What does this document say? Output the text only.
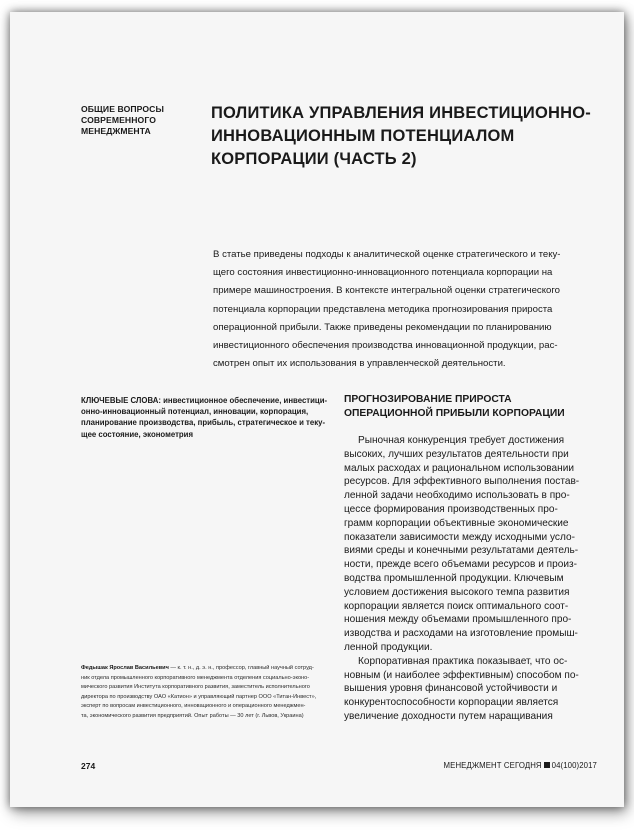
ОБЩИЕ ВОПРОСЫ
СОВРЕМЕННОГО
МЕНЕДЖМЕНТА
ПОЛИТИКА УПРАВЛЕНИЯ ИНВЕСТИЦИОННО-
ИННОВАЦИОННЫМ ПОТЕНЦИАЛОМ
КОРПОРАЦИИ (ЧАСТЬ 2)
В статье приведены подходы к аналитической оценке стратегического и теку-
щего состояния инвестиционно-инновационного потенциала корпорации на
примере машиностроения. В контексте интегральной оценки стратегического
потенциала корпорации представлена методика прогнозирования прироста
операционной прибыли. Также приведены рекомендации по планированию
инвестиционного обеспечения производства инновационной продукции, рас-
смотрен опыт их использования в управленческой деятельности.
КЛЮЧЕВЫЕ СЛОВА: инвестиционное обеспечение, инвестици-
онно-инновационный потенциал, инновации, корпорация,
планирование производства, прибыль, стратегическое и теку-
щее состояние, эконометрия
ПРОГНОЗИРОВАНИЕ ПРИРОСТА
ОПЕРАЦИОННОЙ ПРИБЫЛИ КОРПОРАЦИИ
Рыночная конкуренция требует достижения
высоких, лучших результатов деятельности при
малых расходах и рациональном использовании
ресурсов. Для эффективного выполнения постав-
ленной задачи необходимо использовать в про-
цессе формирования производственных про-
грамм корпорации объективные экономические
показатели зависимости между исходными усло-
виями среды и конечными результатами деятель-
ности, прежде всего объемами ресурсов и произ-
водства промышленной продукции. Ключевым
условием достижения высокого темпа развития
корпорации является поиск оптимального соот-
ношения между объемами промышленного про-
изводства и расходами на изготовление промыш-
ленной продукции.
Корпоративная практика показывает, что ос-
новным (и наиболее эффективным) способом по-
вышения уровня финансовой устойчивости и
конкурентоспособности корпорации является
увеличение доходности путем наращивания
Федышак Ярослав Васильевич — к. т. н., д. э. н., профессор, главный научный сотруд-
ник отдела промышленного корпоративного менеджмента отделения социально-эконо-
мического развития Института корпоративного развития, заместитель исполнительного
директора по производству ОАО «Катион» и управляющий партнер ООО «Титан-Инвест»,
эксперт по вопросам инвестиционного, инновационного и операционного менеджмен-
та, экономического развития предприятий. Опыт работы — 30 лет (г. Львов, Украина)
274	МЕНЕДЖМЕНТ СЕГОДНЯ 04(100)2017
